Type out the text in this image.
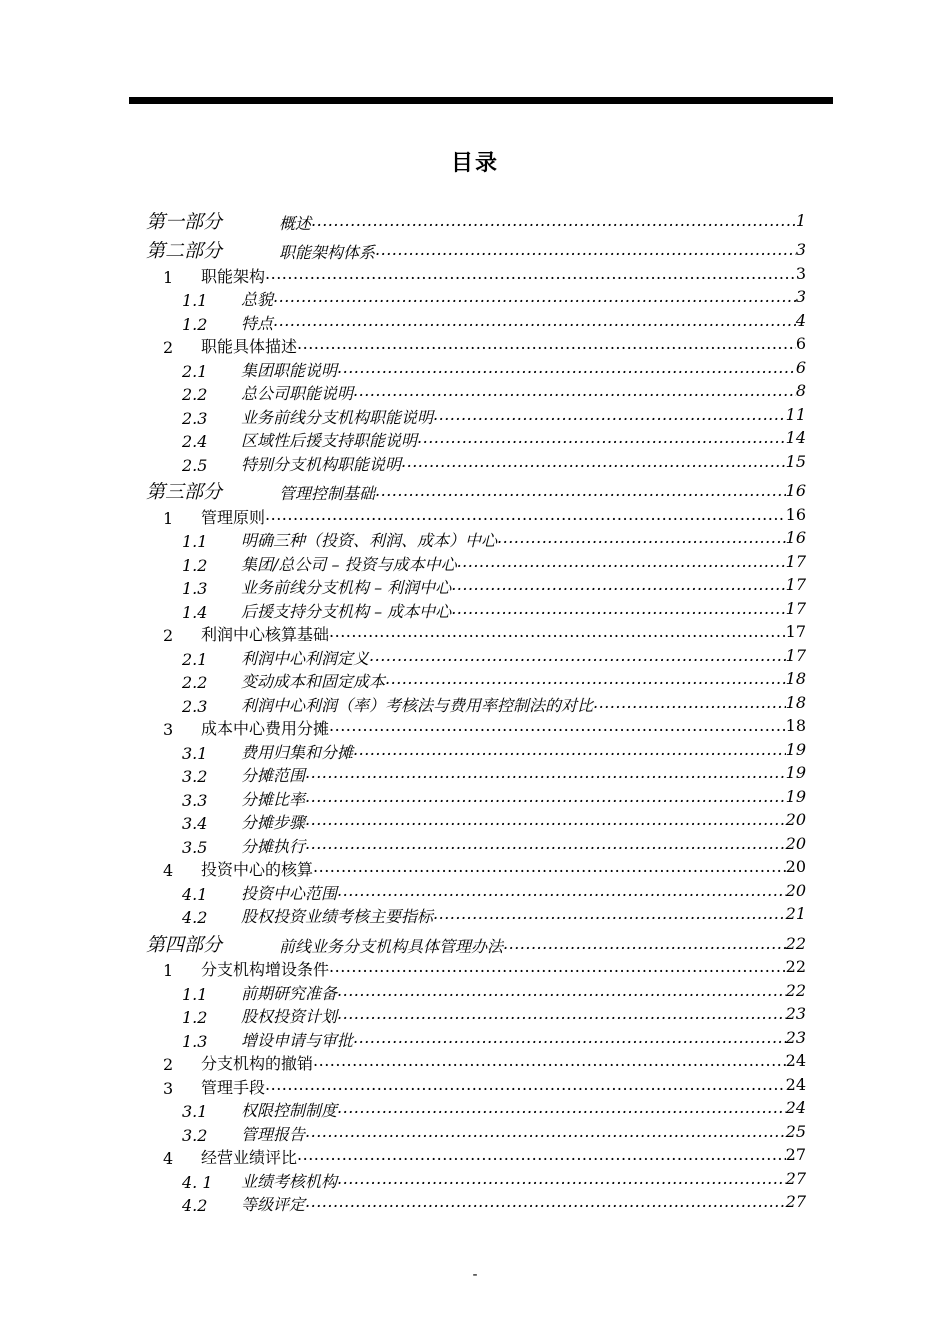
目录
第一部分	概述 .....	1
第二部分	职能架构体系 .....	3
1 职能架构 .....	3
1.1 总貌 .....	3
1.2 特点 .....	4
2 职能具体描述 .....	6
2.1 集团职能说明 .....	6
2.2 总公司职能说明 .....	8
2.3 业务前线分支机构职能说明 .....	11
2.4 区域性后援支持职能说明 .....	14
2.5 特别分支机构职能说明 .....	15
第三部分	管理控制基础 .....	16
1 管理原则 .....	16
1.1 明确三种（投资、利润、成本）中心 .....	16
1.2 集团/总公司 – 投资与成本中心 .....	17
1.3 业务前线分支机构 – 利润中心 .....	17
1.4 后援支持分支机构 – 成本中心 .....	17
2 利润中心核算基础 .....	17
2.1 利润中心利润定义 .....	17
2.2 变动成本和固定成本 .....	18
2.3 利润中心利润（率）考核法与费用率控制法的对比 .....	18
3 成本中心费用分摊 .....	18
3.1 费用归集和分摊 .....	19
3.2 分摊范围 .....	19
3.3 分摊比率 .....	19
3.4 分摊步骤 .....	20
3.5 分摊执行 .....	20
4 投资中心的核算 .....	20
4.1 投资中心范围 .....	20
4.2 股权投资业绩考核主要指标 .....	21
第四部分	前线业务分支机构具体管理办法 .....	22
1 分支机构增设条件 .....	22
1.1 前期研究准备 .....	22
1.2 股权投资计划 .....	23
1.3 增设申请与审批 .....	23
2 分支机构的撤销 .....	24
3 管理手段 .....	24
3.1 权限控制制度 .....	24
3.2 管理报告 .....	25
4 经营业绩评比 .....	27
4. 1 业绩考核机构 .....	27
4.2 等级评定 .....	27
-
